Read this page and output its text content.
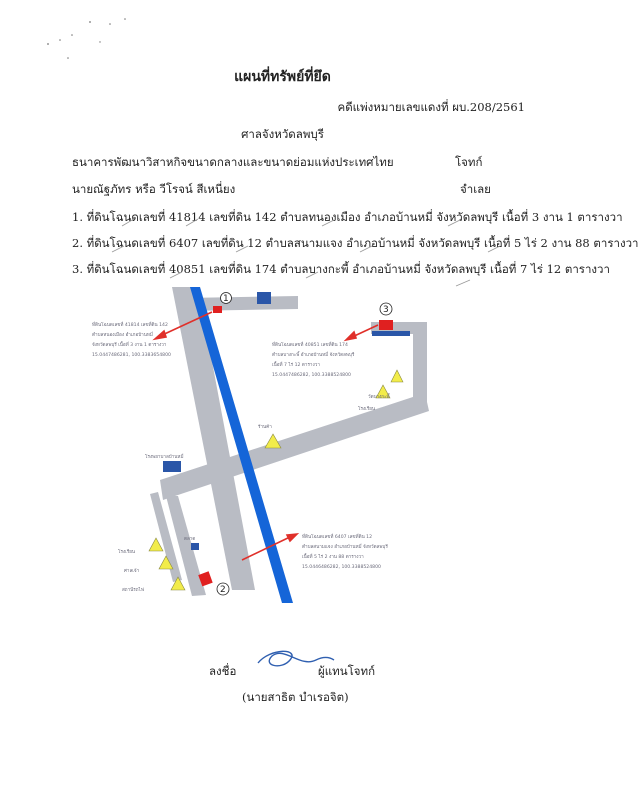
แผนที่ทรัพย์ที่ยึด
คดีแพ่งหมายเลขแดงที่ ผบ.208/2561
ศาลจังหวัดลพบุรี
ธนาคารพัฒนาวิสาหกิจขนาดกลางและขนาดย่อมแห่งประเทศไทย	โจทก์
นายณัฐภัทร หรือ วีโรจน์ สีเหนี่ยง	จำเลย
1. ที่ดินโฉนดเลขที่ 41814 เลขที่ดิน 142 ตำบลทนองเมือง อำเภอบ้านหมี่ จังหวัดลพบุรี เนื้อที่ 3 งาน 1 ตารางวา
2. ที่ดินโฉนดเลขที่ 6407 เลขที่ดิน 12 ตำบลสนามแจง อำเภอบ้านหมี่ จังหวัดลพบุรี เนื้อที่ 5 ไร่ 2 งาน 88 ตารางวา
3. ที่ดินโฉนดเลขที่ 40851 เลขที่ดิน 174 ตำบลบางกะพี้ อำเภอบ้านหมี่ จังหวัดลพบุรี เนื้อที่ 7 ไร่ 12 ตารางวา
1
2
3
ที่ดินโฉนดเลขที่ 41814 เลขที่ดิน 142
ตำบลหนองเมือง อำเภอบ้านหมี่
จังหวัดลพบุรี เนื้อที่ 3 งาน 1 ตารางวา
15.0447486281, 100.3383654800
ที่ดินโฉนดเลขที่ 40851 เลขที่ดิน 174
ตำบลบางกะพี้ อำเภอบ้านหมี่ จังหวัดลพบุรี
เนื้อที่ 7 ไร่ 12 ตารางวา
15.0447486282, 100.3388524800
ที่ดินโฉนดเลขที่ 6407 เลขที่ดิน 12
ตำบลสนามแจง อำเภอบ้านหมี่ จังหวัดลพบุรี
เนื้อที่ 5 ไร่ 2 งาน 88 ตารางวา
15.0446486282, 100.3388524800
วัดบางกะพี้
โรงเรียน
โรงพยาบาลบ้านหมี่
ร้านค้า
ตลาด
โรงเรียน
ศาลเจ้า
สถานีรถไฟ
ลงชื่อ	ผู้แทนโจทก์
(นายสาธิต บำเรอจิต)
